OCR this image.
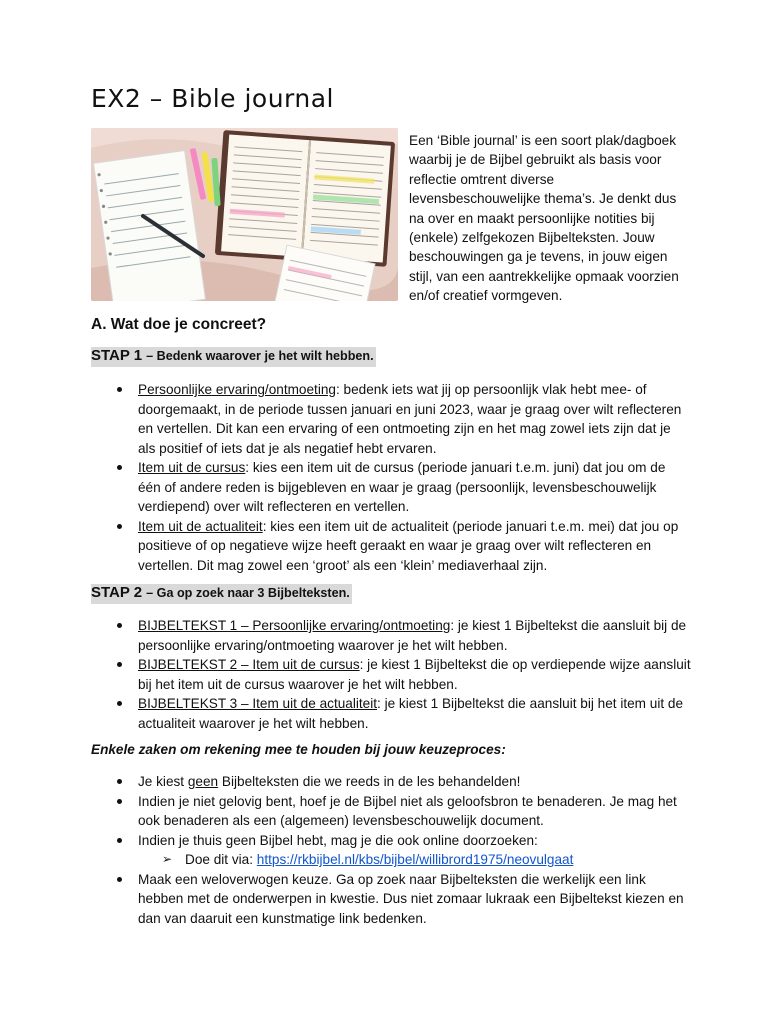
EX2 – Bible journal

Een ‘Bible journal’ is een soort plak/dagboek waarbij je de Bijbel gebruikt als basis voor reflectie omtrent diverse levensbeschouwelijke thema’s. Je denkt dus na over en maakt persoonlijke notities bij (enkele) zelfgekozen Bijbelteksten. Jouw beschouwingen ga je tevens, in jouw eigen stijl, van een aantrekkelijke opmaak voorzien en/of creatief vormgeven.

A. Wat doe je concreet?
STAP 1 – Bedenk waarover je het wilt hebben.
Persoonlijke ervaring/ontmoeting: bedenk iets wat jij op persoonlijk vlak hebt mee- of doorgemaakt, in de periode tussen januari en juni 2023, waar je graag over wilt reflecteren en vertellen. Dit kan een ervaring of een ontmoeting zijn en het mag zowel iets zijn dat je als positief of iets dat je als negatief hebt ervaren.
Item uit de cursus: kies een item uit de cursus (periode januari t.e.m. juni) dat jou om de één of andere reden is bijgebleven en waar je graag (persoonlijk, levensbeschouwelijk verdiepend) over wilt reflecteren en vertellen.
Item uit de actualiteit: kies een item uit de actualiteit (periode januari t.e.m. mei) dat jou op positieve of op negatieve wijze heeft geraakt en waar je graag over wilt reflecteren en vertellen. Dit mag zowel een ‘groot’ als een ‘klein’ mediaverhaal zijn.
STAP 2 – Ga op zoek naar 3 Bijbelteksten.
BIJBELTEKST 1 – Persoonlijke ervaring/ontmoeting: je kiest 1 Bijbeltekst die aansluit bij de persoonlijke ervaring/ontmoeting waarover je het wilt hebben.
BIJBELTEKST 2 – Item uit de cursus: je kiest 1 Bijbeltekst die op verdiepende wijze aansluit bij het item uit de cursus waarover je het wilt hebben.
BIJBELTEKST 3 – Item uit de actualiteit: je kiest 1 Bijbeltekst die aansluit bij het item uit de actualiteit waarover je het wilt hebben.

Enkele zaken om rekening mee te houden bij jouw keuzeproces:

Je kiest geen Bijbelteksten die we reeds in de les behandelden!
Indien je niet gelovig bent, hoef je de Bijbel niet als geloofsbron te benaderen. Je mag het ook benaderen als een (algemeen) levensbeschouwelijk document.
Indien je thuis geen Bijbel hebt, mag je die ook online doorzoeken:
➢ Doe dit via: https://rkbijbel.nl/kbs/bijbel/willibrord1975/neovulgaat
Maak een weloverwogen keuze. Ga op zoek naar Bijbelteksten die werkelijk een link hebben met de onderwerpen in kwestie. Dus niet zomaar lukraak een Bijbeltekst kiezen en dan van daaruit een kunstmatige link bedenken.
